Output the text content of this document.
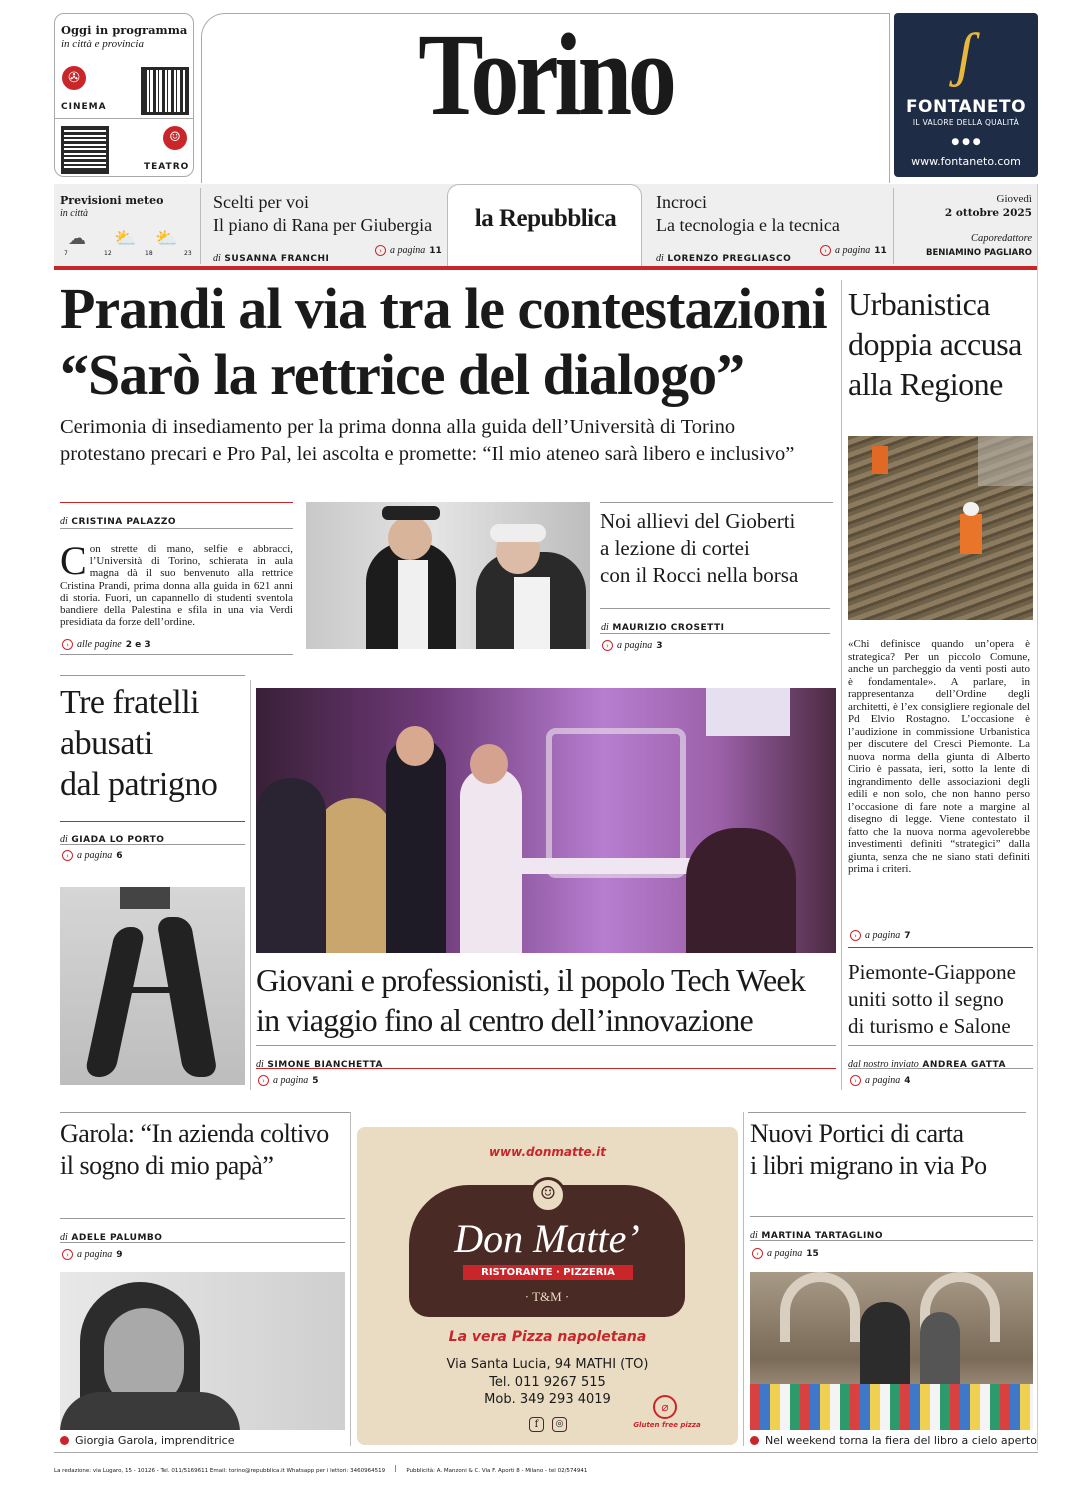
Oggi in programma
in città e provincia
✇
CINEMA
☺
TEATRO
Torino	ʃ
FONTANETO
IL VALORE DELLA QUALITÀ
● ● ●
www.fontaneto.com
Previsioni meteo
in città
☁ ⛅ ⛅
7	12	18	23
Scelti per voi
Il piano di Rana per Giubergia
di SUSANNA FRANCHI
› a pagina 11
la Repubblica
Incroci
La tecnologia e la tecnica
di LORENZO PREGLIASCO
› a pagina 11
Giovedì
2 ottobre 2025
Caporedattore
BENIAMINO PAGLIARO
Prandi al via tra le contestazioni
“Sarò la rettrice del dialogo”
Cerimonia di insediamento per la prima donna alla guida dell’Università di Torino
protestano precari e Pro Pal, lei ascolta e promette: “Il mio ateneo sarà libero e inclusivo”
di CRISTINA PALAZZO
Con strette di mano, selfie e abbracci, l’Università di Torino, schierata in aula magna dà il suo benvenuto alla rettrice Cristina Prandi, prima donna alla guida in 621 anni di storia. Fuori, un capannello di studenti sventola bandiere della Palestina e sfila in una via Verdi presidiata da forze dell’ordine.
› alle pagine 2 e 3
Noi allievi del Gioberti
a lezione di cortei
con il Rocci nella borsa
di MAURIZIO CROSETTI
› a pagina 3
Urbanistica
doppia accusa
alla Regione
«Chi definisce quando un’opera è strategica? Per un piccolo Comune, anche un parcheggio da venti posti auto è fondamentale». A parlare, in rappresentanza dell’Ordine degli architetti, è l’ex consigliere regionale del Pd Elvio Rostagno. L’occasione è l’audizione in commissione Urbanistica per discutere del Cresci Piemonte. La nuova norma della giunta di Alberto Cirio è passata, ieri, sotto la lente di ingrandimento delle associazioni degli edili e non solo, che non hanno perso l’occasione di fare note a margine al disegno di legge. Viene contestato il fatto che la nuova norma agevolerebbe investimenti definiti “strategici” dalla giunta, senza che ne siano stati definiti prima i criteri.
› a pagina 7
Piemonte-Giappone
uniti sotto il segno
di turismo e Salone
dal nostro inviato ANDREA GATTA
› a pagina 4
Tre fratelli
abusati
dal patrigno
di GIADA LO PORTO
› a pagina 6
Giovani e professionisti, il popolo Tech Week
in viaggio fino al centro dell’innovazione
di SIMONE BIANCHETTA
› a pagina 5
Garola: “In azienda coltivo
il sogno di mio papà”
di ADELE PALUMBO
› a pagina 9
Giorgia Garola, imprenditrice
www.donmatte.it
☺
19	55
Don Matte’
RISTORANTE · PIZZERIA
· T&M ·
La vera Pizza napoletana
Via Santa Lucia, 94 MATHI (TO)
Tel. 011 9267 515
Mob. 349 293 4019
f	◎
⌀
Gluten free pizza
Nuovi Portici di carta
i libri migrano in via Po
di MARTINA TARTAGLINO
› a pagina 15
Nel weekend torna la fiera del libro a cielo aperto
La redazione: via Lugaro, 15 - 10126 - Tel. 011/5169611 Email: torino@repubblica.it Whatsapp per i lettori: 3460964519	Pubblicità: A. Manzoni & C. Via F. Aporti 8 - Milano - tel 02/574941
